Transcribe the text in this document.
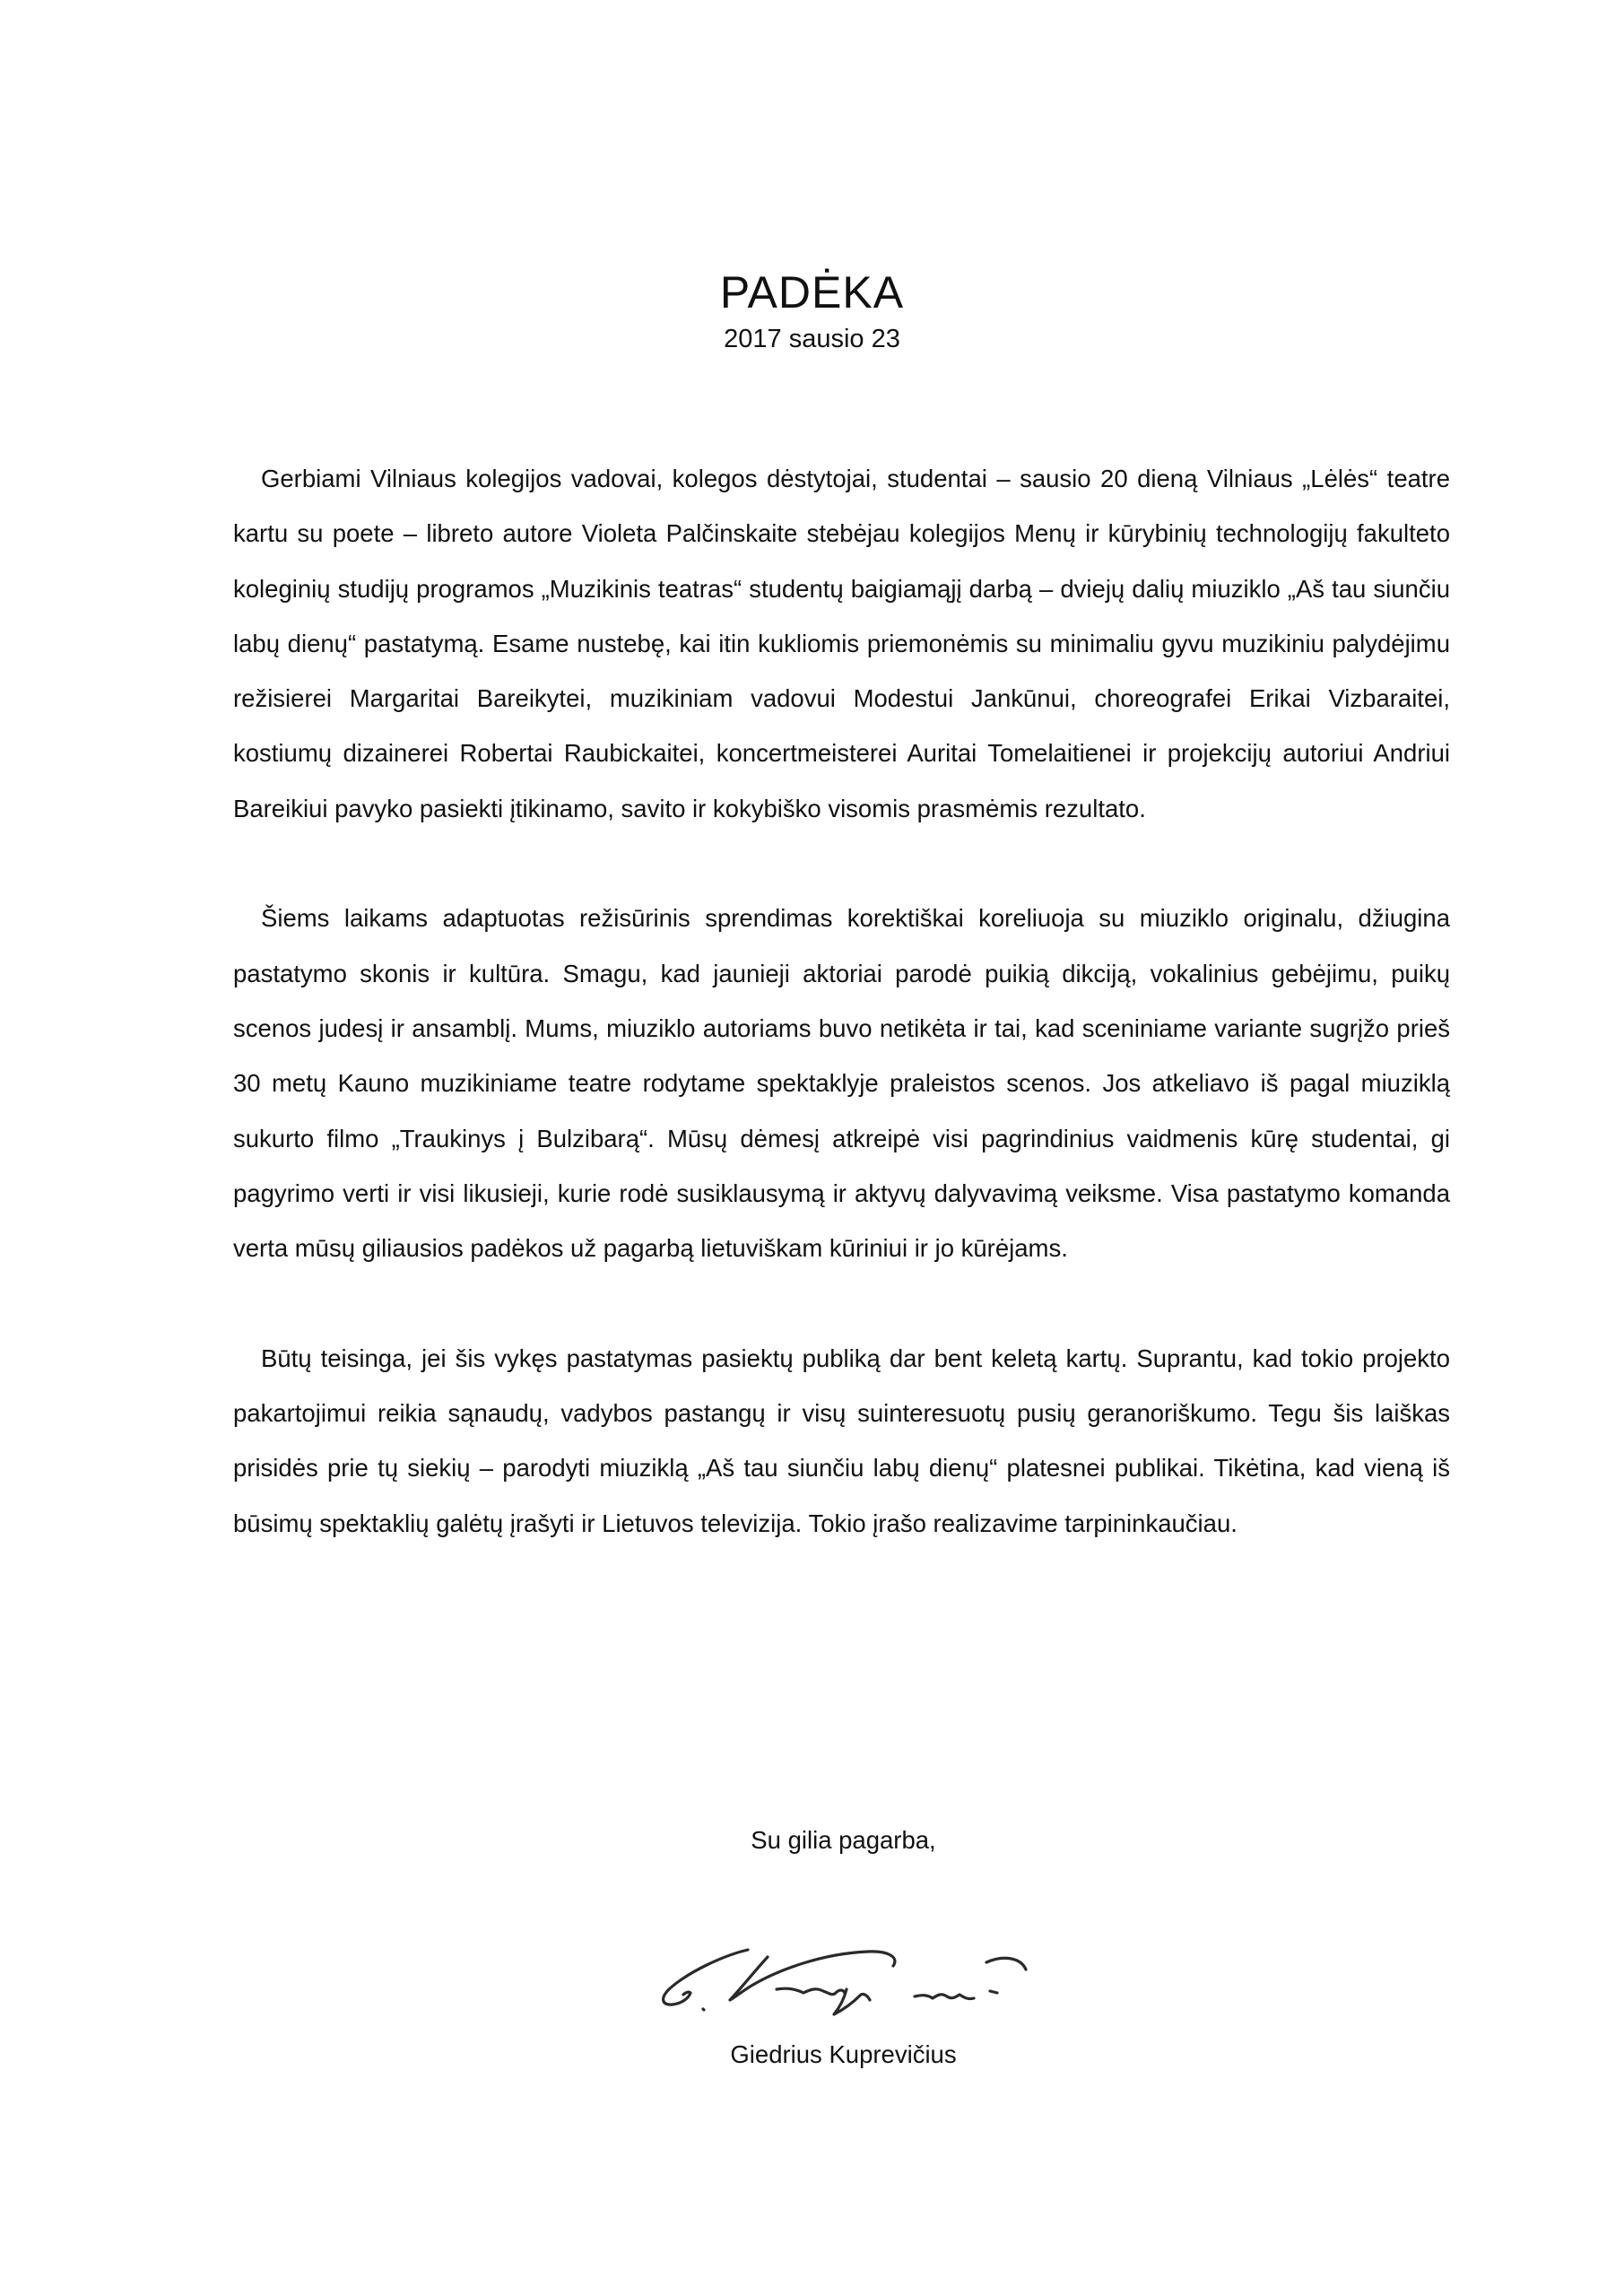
PADĖKA
2017 sausio 23

Gerbiami Vilniaus kolegijos vadovai, kolegos dėstytojai, studentai – sausio 20 dieną Vilniaus „Lėlės“ teatre kartu su poete – libreto autore Violeta Palčinskaite stebėjau kolegijos Menų ir kūrybinių technologijų fakulteto koleginių studijų programos „Muzikinis teatras“ studentų baigiamąjį darbą – dviejų dalių miuziklo „Aš tau siunčiu labų dienų“ pastatymą. Esame nustebę, kai itin kukliomis priemonėmis su minimaliu gyvu muzikiniu palydėjimu režisierei Margaritai Bareikytei, muzikiniam vadovui Modestui Jankūnui, choreografei Erikai Vizbaraitei, kostiumų dizainerei Robertai Raubickaitei, koncertmeisterei Auritai Tomelaitienei ir projekcijų autoriui Andriui Bareikiui pavyko pasiekti įtikinamo, savito ir kokybiško visomis prasmėmis rezultato.

Šiems laikams adaptuotas režisūrinis sprendimas korektiškai koreliuoja su miuziklo originalu, džiugina pastatymo skonis ir kultūra. Smagu, kad jaunieji aktoriai parodė puikią dikciją, vokalinius gebėjimu, puikų scenos judesį ir ansamblį. Mums, miuziklo autoriams buvo netikėta ir tai, kad sceniniame variante sugrįžo prieš 30 metų Kauno muzikiniame teatre rodytame spektaklyje praleistos scenos. Jos atkeliavo iš pagal miuziklą sukurto filmo „Traukinys į Bulzibarą“. Mūsų dėmesį atkreipė visi pagrindinius vaidmenis kūrę studentai, gi pagyrimo verti ir visi likusieji, kurie rodė susiklausymą ir aktyvų dalyvavimą veiksme. Visa pastatymo komanda verta mūsų giliausios padėkos už pagarbą lietuviškam kūriniui ir jo kūrėjams.

Būtų teisinga, jei šis vykęs pastatymas pasiektų publiką dar bent keletą kartų. Suprantu, kad tokio projekto pakartojimui reikia sąnaudų, vadybos pastangų ir visų suinteresuotų pusių geranoriškumo. Tegu šis laiškas prisidės prie tų siekių – parodyti miuziklą „Aš tau siunčiu labų dienų“ platesnei publikai. Tikėtina, kad vieną iš būsimų spektaklių galėtų įrašyti ir Lietuvos televizija. Tokio įrašo realizavime tarpininkaučiau.

Su gilia pagarba,
Giedrius Kuprevičius
